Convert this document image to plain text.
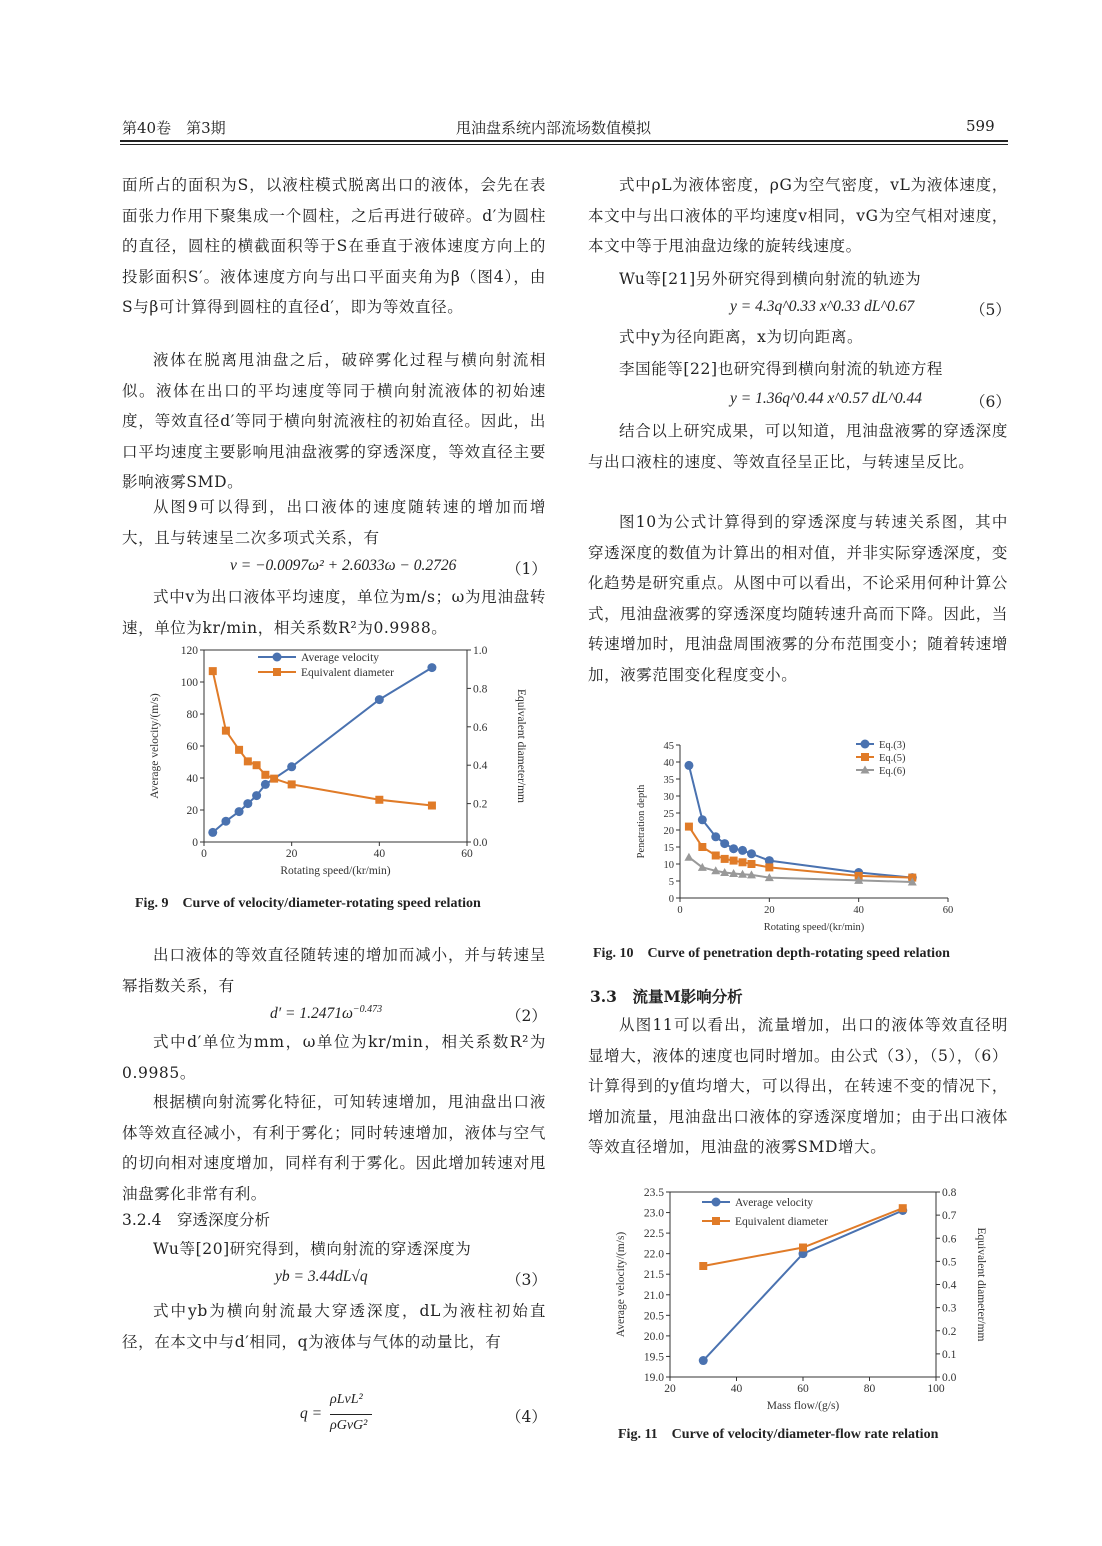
第40卷　第3期	甩油盘系统内部流场数值模拟	599
面所占的面积为S，以液柱模式脱离出口的液体，会先在表面张力作用下聚集成一个圆柱，之后再进行破碎。d′为圆柱的直径，圆柱的横截面积等于S在垂直于液体速度方向上的投影面积S′。液体速度方向与出口平面夹角为β（图4），由S与β可计算得到圆柱的直径d′，即为等效直径。
液体在脱离甩油盘之后，破碎雾化过程与横向射流相似。液体在出口的平均速度等同于横向射流液体的初始速度，等效直径d′等同于横向射流液柱的初始直径。因此，出口平均速度主要影响甩油盘液雾的穿透深度，等效直径主要影响液雾SMD。
从图9可以得到，出口液体的速度随转速的增加而增大，且与转速呈二次多项式关系，有
v = −0.0097ω² + 2.6033ω − 0.2726	（1）
式中v为出口液体平均速度，单位为m/s；ω为甩油盘转速，单位为kr/min，相关系数R²为0.9988。
0	20	40	60
0
20
40
60
80
100
120
0.0
0.2
0.4
0.6
0.8
1.0
Rotating speed/(kr/min)
Average velocity/(m/s)	Equivalent diameter/mm
Average velocity
Equivalent diameter
Fig. 9　Curve of velocity/diameter-rotating speed relation
出口液体的等效直径随转速的增加而减小，并与转速呈幂指数关系，有
$d' = 1.2471\omega^{-0.473}$	（2）
式中d′单位为mm，ω单位为kr/min，相关系数R²为0.9985。
根据横向射流雾化特征，可知转速增加，甩油盘出口液体等效直径减小，有利于雾化；同时转速增加，液体与空气的切向相对速度增加，同样有利于雾化。因此增加转速对甩油盘雾化非常有利。
3.2.4　穿透深度分析
Wu等[20]研究得到，横向射流的穿透深度为
yb = 3.44dL√q	（3）
式中yb为横向射流最大穿透深度，dL为液柱初始直径，在本文中与d′相同，q为液体与气体的动量比，有
q =
ρLvL²
ρGvG²	（4）
式中ρL为液体密度，ρG为空气密度，vL为液体速度，本文中与出口液体的平均速度v相同，vG为空气相对速度，本文中等于甩油盘边缘的旋转线速度。
Wu等[21]另外研究得到横向射流的轨迹为
y = 4.3q^0.33 x^0.33 dL^0.67	（5）
式中y为径向距离，x为切向距离。
李国能等[22]也研究得到横向射流的轨迹方程
y = 1.36q^0.44 x^0.57 dL^0.44	（6）
结合以上研究成果，可以知道，甩油盘液雾的穿透深度与出口液柱的速度、等效直径呈正比，与转速呈反比。
图10为公式计算得到的穿透深度与转速关系图，其中穿透深度的数值为计算出的相对值，并非实际穿透深度，变化趋势是研究重点。从图中可以看出，不论采用何种计算公式，甩油盘液雾的穿透深度均随转速升高而下降。因此，当转速增加时，甩油盘周围液雾的分布范围变小；随着转速增加，液雾范围变化程度变小。
0	20	40	60
0
5
10
15
20
25
30
35
40
45
Rotating speed/(kr/min)
Penetration depth
Eq.(3)
Eq.(5)
Eq.(6)
Fig. 10　Curve of penetration depth-rotating speed relation
3.3　流量M影响分析
从图11可以看出，流量增加，出口的液体等效直径明显增大，液体的速度也同时增加。由公式（3），（5），（6）计算得到的y值均增大，可以得出，在转速不变的情况下，增加流量，甩油盘出口液体的穿透深度增加；由于出口液体等效直径增加，甩油盘的液雾SMD增大。
20	40	60	80	100
19.0
19.5
20.0
20.5
21.0
21.5
22.0
22.5
23.0
23.5
0.0
0.1
0.2
0.3
0.4
0.5
0.6
0.7
0.8
Mass flow/(g/s)
Average velocity/(m/s)	Equivalent diameter/mm
Average velocity
Equivalent diameter
Fig. 11　Curve of velocity/diameter-flow rate relation
